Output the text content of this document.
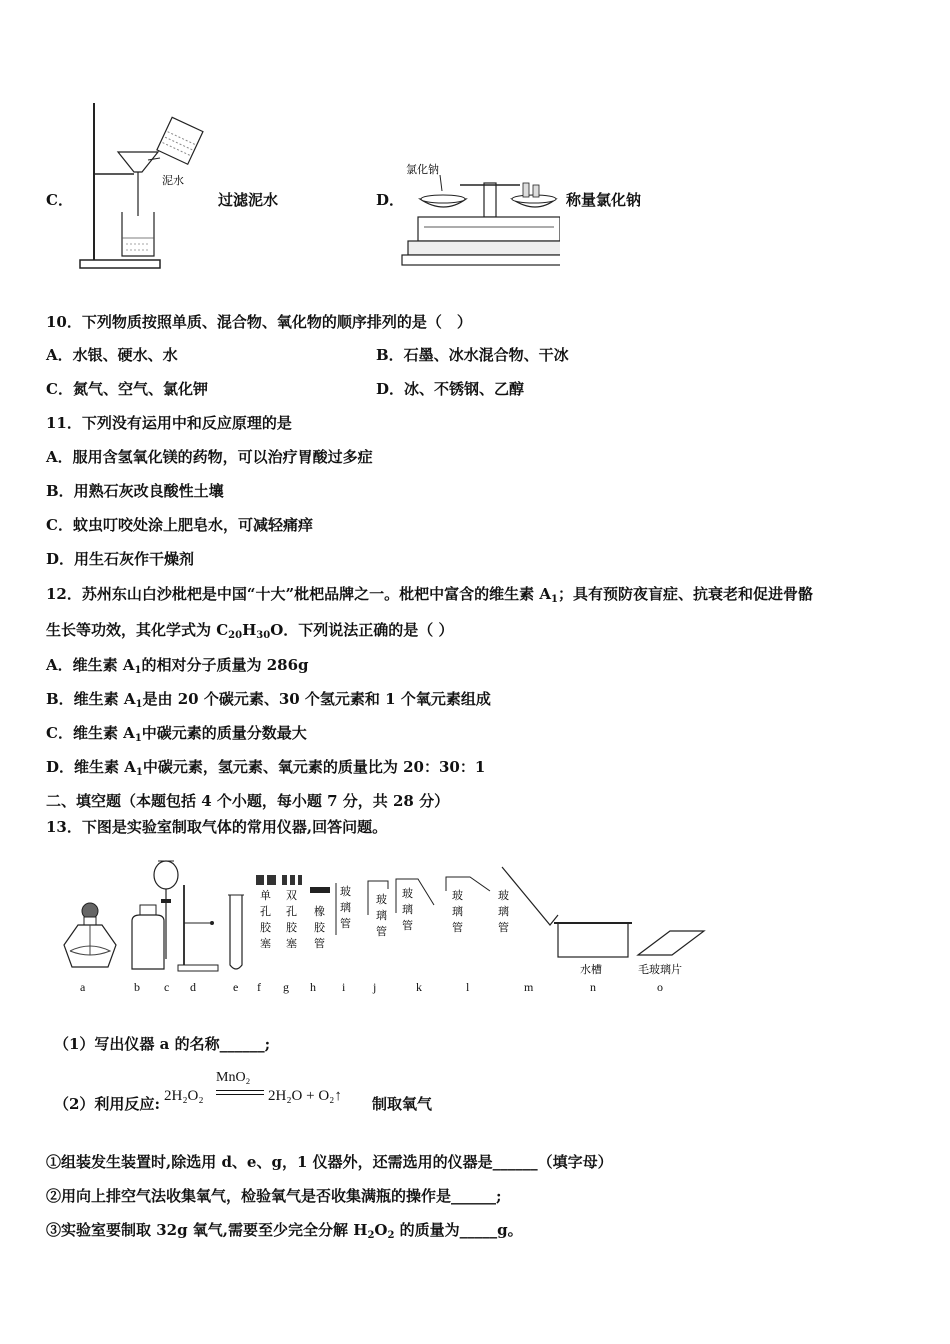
泥水
C．	过滤泥水	D．
氯化钠
称量氯化钠
10．下列物质按照单质、混合物、氧化物的顺序排列的是（　）
A．水银、硬水、水	B．石墨、冰水混合物、干冰
C．氮气、空气、氯化钾	D．冰、不锈钢、乙醇
11．下列没有运用中和反应原理的是
A．服用含氢氧化镁的药物，可以治疗胃酸过多症
B．用熟石灰改良酸性土壤
C．蚊虫叮咬处涂上肥皂水，可减轻痛痒
D．用生石灰作干燥剂
12．苏州东山白沙枇杷是中国“十大”枇杷品牌之一。枇杷中富含的维生素 $A_1$；具有预防夜盲症、抗衰老和促进骨骼
生长等功效，其化学式为 $C_{20}H_{30}O$．下列说法正确的是（ ）
A．维生素 $A_1$的相对分子质量为 286g
B．维生素 $A_1$是由 20 个碳元素、30 个氢元素和 1 个氧元素组成
C．维生素 $A_1$中碳元素的质量分数最大
D．维生素 $A_1$中碳元素，氢元素、氧元素的质量比为 20：30：1
二、填空题（本题包括 4 个小题，每小题 7 分，共 28 分）
13．下图是实验室制取气体的常用仪器,回答问题。
单
孔
胶
塞
双
孔
胶
塞
橡
胶
管
玻
璃
管
玻
璃
管
玻
璃
管
玻
璃
管
玻
璃
管
水槽	毛玻璃片
a	b c d	e f g h i j	k	l	m	n	o
（1）写出仪器 a 的名称______;
（2）利用反应:
MnO₂
2H₂O₂	2H₂O + O₂↑ 制取氧气
①组装发生装置时,除选用 d、e、g，1 仪器外，还需选用的仪器是______（填字母）
②用向上排空气法收集氧气，检验氧气是否收集满瓶的操作是______;
③实验室要制取 32g 氧气,需要至少完全分解 $H_2O_2$ 的质量为_____g。
